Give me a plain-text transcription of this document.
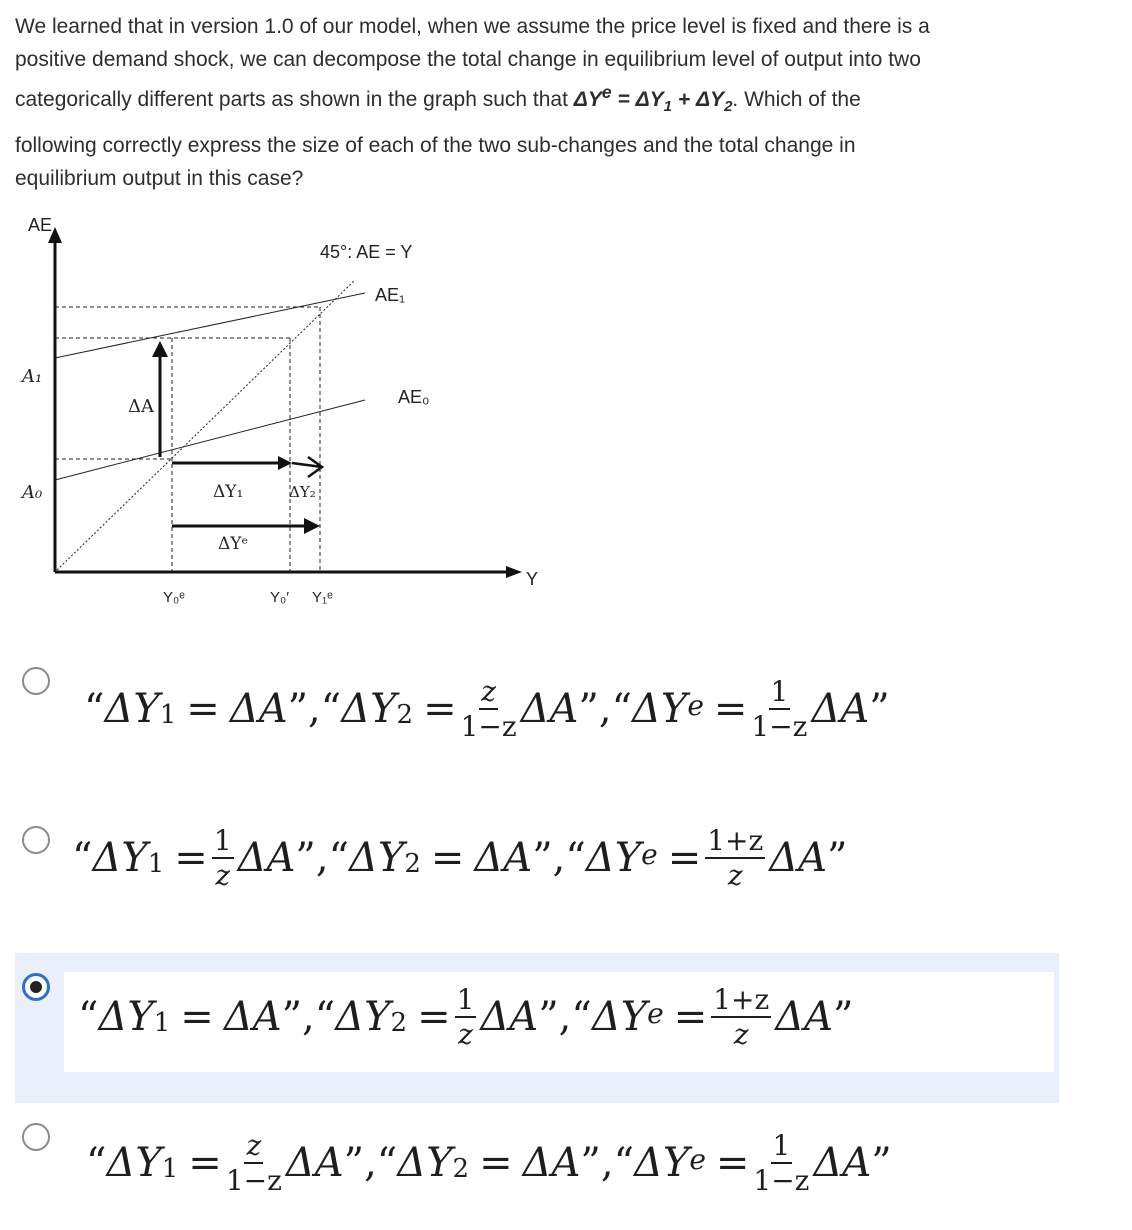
We learned that in version 1.0 of our model, when we assume the price level is fixed and there is a
positive demand shock, we can decompose the total change in equilibrium level of output into two
categorically different parts as shown in the graph such that $\Delta Y^e = \Delta Y_1 + \Delta Y_2$. Which of the
following correctly express the size of each of the two sub-changes and the total change in
equilibrium output in this case?
AE
Y
45°: AE = Y
AE₁
AE₀
A₁
A₀
ΔA
ΔY₁	ΔY₂
ΔYᵉ
Y₀ᵉ	Y₀′ Y₁ᵉ
“ $\Delta Y_1 = \Delta A$ ” , “ $\Delta Y_2 = \frac{z}{1-z}$ ΔA ” , “ $\Delta Y^e = \frac{1}{1-z}$ ΔA ”
“ $\Delta Y_1 = \frac{1}{z}$ ΔA ” , “ $\Delta Y_2 = \Delta A$ ” , “ $\Delta Y^e = \frac{1+z}{z}$ ΔA ”
“ $\Delta Y_1 = \Delta A$ ” , “ $\Delta Y_2 = \frac{1}{z}$ ΔA ” , “ $\Delta Y^e = \frac{1+z}{z}$ ΔA ”
“ $\Delta Y_1 = \frac{z}{1-z}$ ΔA ” , “ $\Delta Y_2 = \Delta A$ ” , “ $\Delta Y^e = \frac{1}{1-z}$ ΔA ”
